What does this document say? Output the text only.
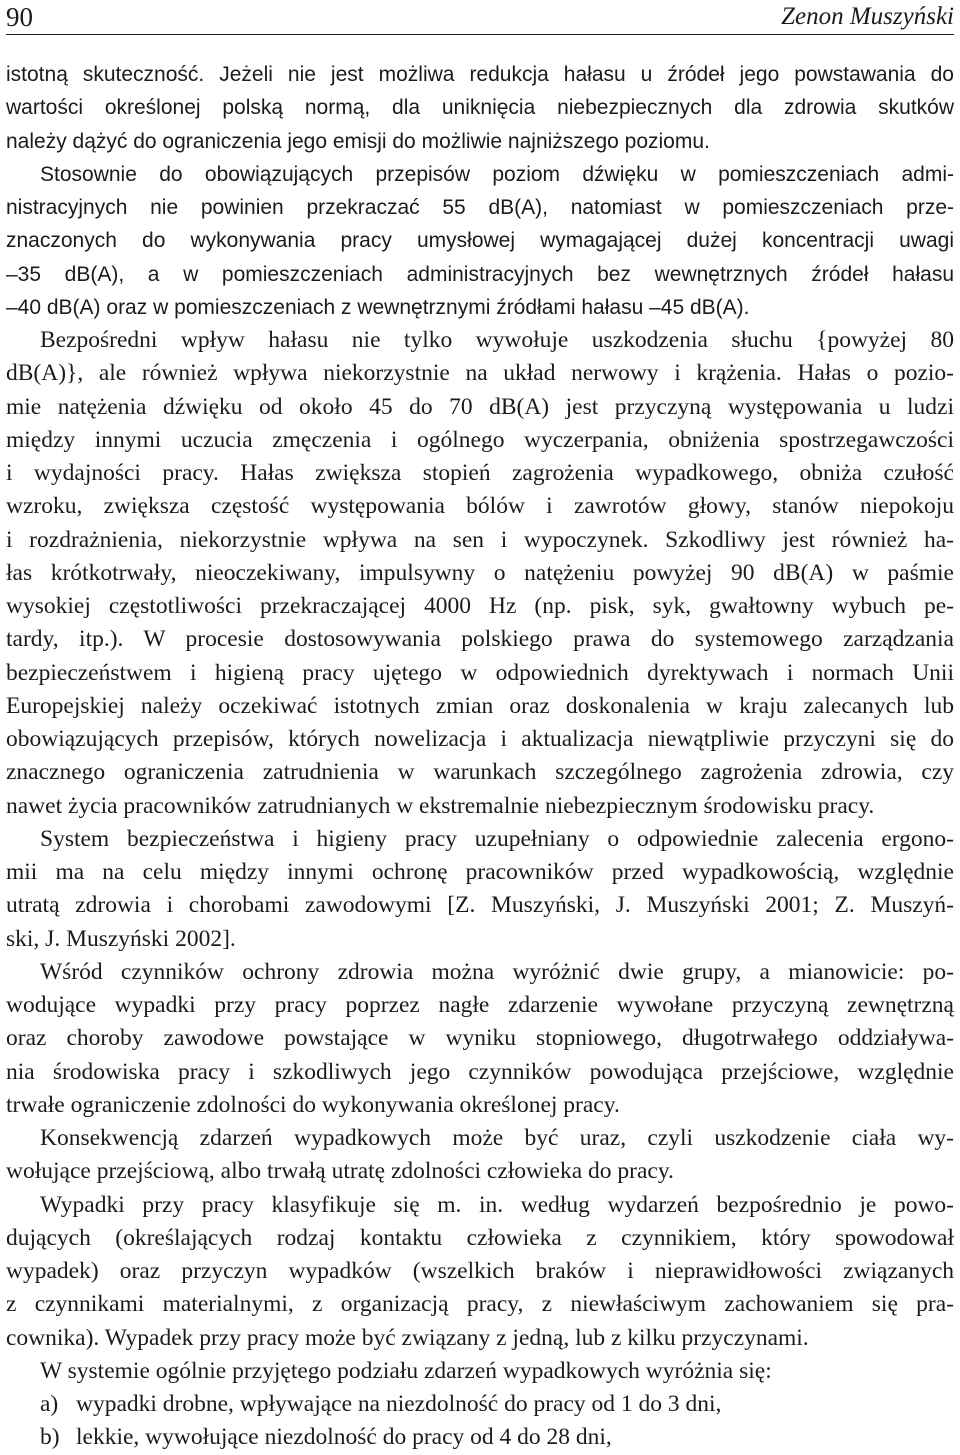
90	Zenon Muszyński
istotną skuteczność. Jeżeli nie jest możliwa redukcja hałasu u źródeł jego powstawania do
wartości określonej polską normą, dla uniknięcia niebezpiecznych dla zdrowia skutków
należy dążyć do ograniczenia jego emisji do możliwie najniższego poziomu.
Stosownie do obowiązujących przepisów poziom dźwięku w pomieszczeniach admi-
nistracyjnych nie powinien przekraczać 55 dB(A), natomiast w pomieszczeniach prze-
znaczonych do wykonywania pracy umysłowej wymagającej dużej koncentracji uwagi
–35 dB(A), a w pomieszczeniach administracyjnych bez wewnętrznych źródeł hałasu
–40 dB(A) oraz w pomieszczeniach z wewnętrznymi źródłami hałasu –45 dB(A).
Bezpośredni wpływ hałasu nie tylko wywołuje uszkodzenia słuchu {powyżej 80
dB(A)}, ale również wpływa niekorzystnie na układ nerwowy i krążenia. Hałas o pozio-
mie natężenia dźwięku od około 45 do 70 dB(A) jest przyczyną występowania u ludzi
między innymi uczucia zmęczenia i ogólnego wyczerpania, obniżenia spostrzegawczości
i wydajności pracy. Hałas zwiększa stopień zagrożenia wypadkowego, obniża czułość
wzroku, zwiększa częstość występowania bólów i zawrotów głowy, stanów niepokoju
i rozdrażnienia, niekorzystnie wpływa na sen i wypoczynek. Szkodliwy jest również ha-
łas krótkotrwały, nieoczekiwany, impulsywny o natężeniu powyżej 90 dB(A) w paśmie
wysokiej częstotliwości przekraczającej 4000 Hz (np. pisk, syk, gwałtowny wybuch pe-
tardy, itp.). W procesie dostosowywania polskiego prawa do systemowego zarządzania
bezpieczeństwem i higieną pracy ujętego w odpowiednich dyrektywach i normach Unii
Europejskiej należy oczekiwać istotnych zmian oraz doskonalenia w kraju zalecanych lub
obowiązujących przepisów, których nowelizacja i aktualizacja niewątpliwie przyczyni się do
znacznego ograniczenia zatrudnienia w warunkach szczególnego zagrożenia zdrowia, czy
nawet życia pracowników zatrudnianych w ekstremalnie niebezpiecznym środowisku pracy.
System bezpieczeństwa i higieny pracy uzupełniany o odpowiednie zalecenia ergono-
mii ma na celu między innymi ochronę pracowników przed wypadkowością, względnie
utratą zdrowia i chorobami zawodowymi [Z. Muszyński, J. Muszyński 2001; Z. Muszyń-
ski, J. Muszyński 2002].
Wśród czynników ochrony zdrowia można wyróżnić dwie grupy, a mianowicie: po-
wodujące wypadki przy pracy poprzez nagłe zdarzenie wywołane przyczyną zewnętrzną
oraz choroby zawodowe powstające w wyniku stopniowego, długotrwałego oddziaływa-
nia środowiska pracy i szkodliwych jego czynników powodująca przejściowe, względnie
trwałe ograniczenie zdolności do wykonywania określonej pracy.
Konsekwencją zdarzeń wypadkowych może być uraz, czyli uszkodzenie ciała wy-
wołujące przejściową, albo trwałą utratę zdolności człowieka do pracy.
Wypadki przy pracy klasyfikuje się m. in. według wydarzeń bezpośrednio je powo-
dujących (określających rodzaj kontaktu człowieka z czynnikiem, który spowodował
wypadek) oraz przyczyn wypadków (wszelkich braków i nieprawidłowości związanych
z czynnikami materialnymi, z organizacją pracy, z niewłaściwym zachowaniem się pra-
cownika). Wypadek przy pracy może być związany z jedną, lub z kilku przyczynami.
W systemie ogólnie przyjętego podziału zdarzeń wypadkowych wyróżnia się:
a) wypadki drobne, wpływające na niezdolność do pracy od 1 do 3 dni,
b) lekkie, wywołujące niezdolność do pracy od 4 do 28 dni,
